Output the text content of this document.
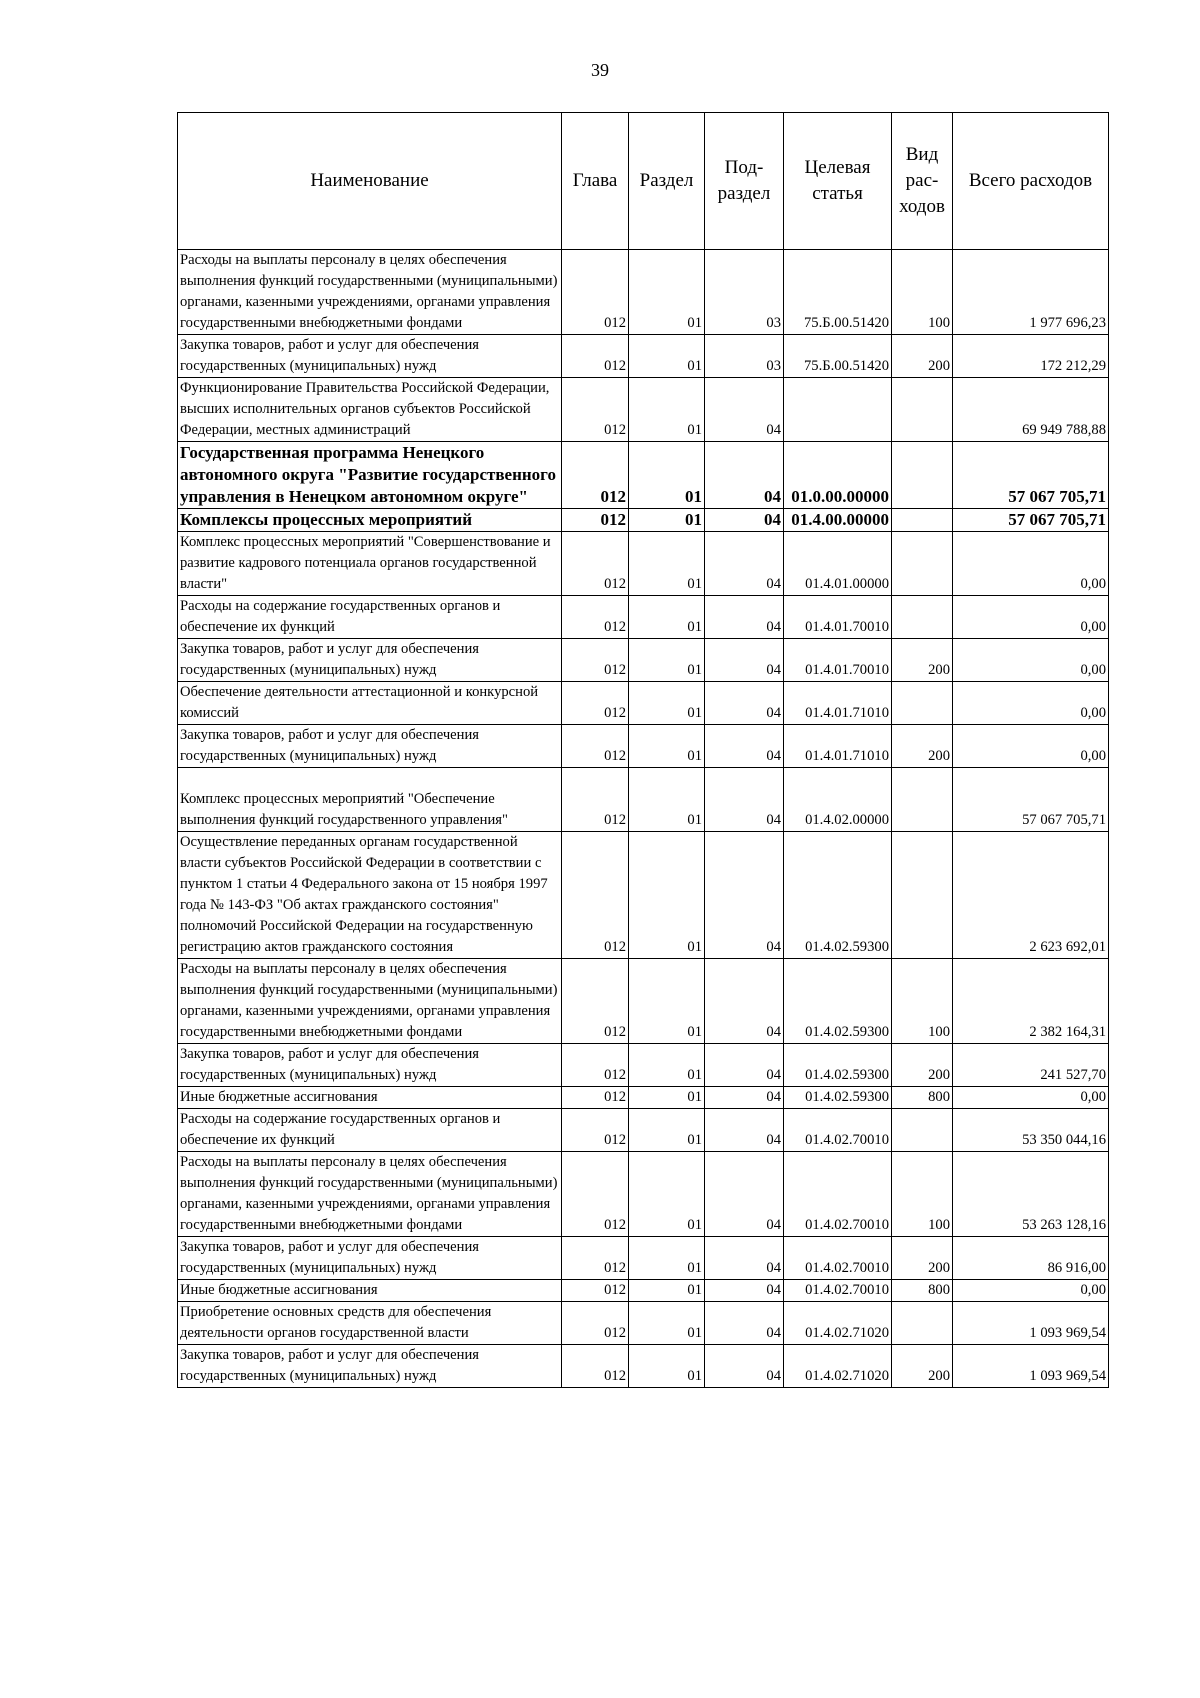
39
Наименование	Глава	Раздел	Под-раздел	Целевая статья	Вид рас-ходов	Всего расходов
Расходы на выплаты персоналу в целях обеспечения выполнения функций государственными (муниципальными) органами, казенными учреждениями, органами управления государственными внебюджетными фондами	012	01	03	75.Б.00.51420	100	1 977 696,23
Закупка товаров, работ и услуг для обеспечения государственных (муниципальных) нужд	012	01	03	75.Б.00.51420	200	172 212,29
Функционирование Правительства Российской Федерации, высших исполнительных органов субъектов Российской Федерации, местных администраций	012	01	04			69 949 788,88
Государственная программа Ненецкого автономного округа "Развитие государственного управления в Ненецком автономном округе"	012	01	04	01.0.00.00000		57 067 705,71
Комплексы процессных мероприятий	012	01	04	01.4.00.00000		57 067 705,71
Комплекс процессных мероприятий "Совершенствование и развитие кадрового потенциала органов государственной власти"	012	01	04	01.4.01.00000		0,00
Расходы на содержание государственных органов и обеспечение их функций	012	01	04	01.4.01.70010		0,00
Закупка товаров, работ и услуг для обеспечения государственных (муниципальных) нужд	012	01	04	01.4.01.70010	200	0,00
Обеспечение деятельности аттестационной и конкурсной комиссий	012	01	04	01.4.01.71010		0,00
Закупка товаров, работ и услуг для обеспечения государственных (муниципальных) нужд	012	01	04	01.4.01.71010	200	0,00
Комплекс процессных мероприятий "Обеспечение выполнения функций государственного управления"	012	01	04	01.4.02.00000		57 067 705,71
Осуществление переданных органам государственной власти субъектов Российской Федерации в соответствии с пунктом 1 статьи 4 Федерального закона от 15 ноября 1997 года № 143-ФЗ "Об актах гражданского состояния" полномочий Российской Федерации на государственную регистрацию актов гражданского состояния	012	01	04	01.4.02.59300		2 623 692,01
Расходы на выплаты персоналу в целях обеспечения выполнения функций государственными (муниципальными) органами, казенными учреждениями, органами управления государственными внебюджетными фондами	012	01	04	01.4.02.59300	100	2 382 164,31
Закупка товаров, работ и услуг для обеспечения государственных (муниципальных) нужд	012	01	04	01.4.02.59300	200	241 527,70
Иные бюджетные ассигнования	012	01	04	01.4.02.59300	800	0,00
Расходы на содержание государственных органов и обеспечение их функций	012	01	04	01.4.02.70010		53 350 044,16
Расходы на выплаты персоналу в целях обеспечения выполнения функций государственными (муниципальными) органами, казенными учреждениями, органами управления государственными внебюджетными фондами	012	01	04	01.4.02.70010	100	53 263 128,16
Закупка товаров, работ и услуг для обеспечения государственных (муниципальных) нужд	012	01	04	01.4.02.70010	200	86 916,00
Иные бюджетные ассигнования	012	01	04	01.4.02.70010	800	0,00
Приобретение основных средств для обеспечения деятельности органов государственной власти	012	01	04	01.4.02.71020		1 093 969,54
Закупка товаров, работ и услуг для обеспечения государственных (муниципальных) нужд	012	01	04	01.4.02.71020	200	1 093 969,54
